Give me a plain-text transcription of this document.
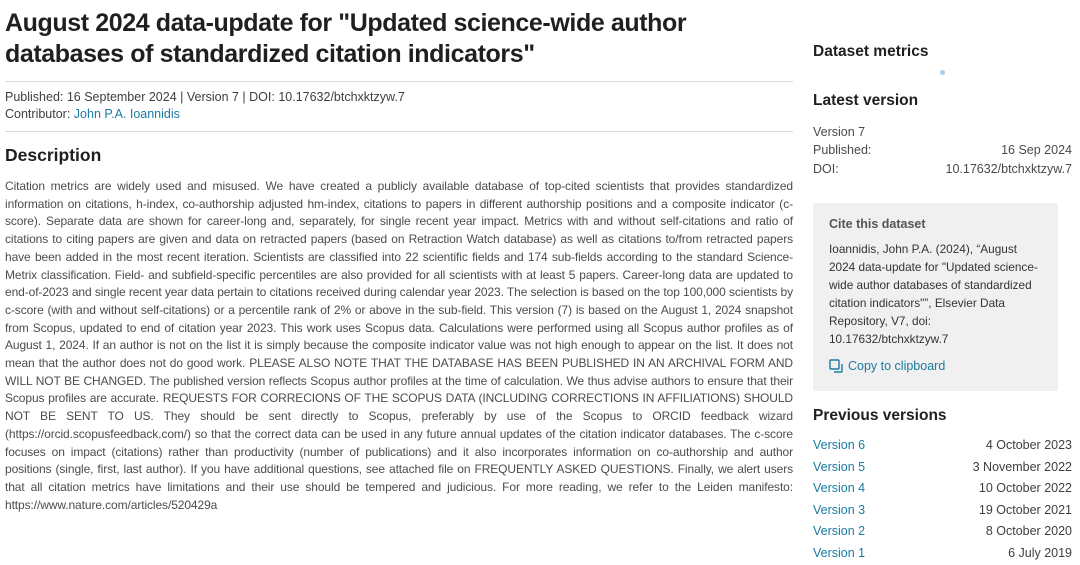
August 2024 data-update for "Updated science-wide author databases of standardized citation indicators"
Published: 16 September 2024 | Version 7 | DOI: 10.17632/btchxktzyw.7
Contributor: John P.A. Ioannidis
Description

Citation metrics are widely used and misused. We have created a publicly available database of top-cited scientists that provides standardized information on citations, h-index, co-authorship adjusted hm-index, citations to papers in different authorship positions and a composite indicator (c-score). Separate data are shown for career-long and, separately, for single recent year impact. Metrics with and without self-citations and ratio of citations to citing papers are given and data on retracted papers (based on Retraction Watch database) as well as citations to/from retracted papers have been added in the most recent iteration. Scientists are classified into 22 scientific fields and 174 sub-fields according to the standard Science-Metrix classification. Field- and subfield-specific percentiles are also provided for all scientists with at least 5 papers. Career-long data are updated to end-of-2023 and single recent year data pertain to citations received during calendar year 2023. The selection is based on the top 100,000 scientists by c-score (with and without self-citations) or a percentile rank of 2% or above in the sub-field. This version (7) is based on the August 1, 2024 snapshot from Scopus, updated to end of citation year 2023. This work uses Scopus data. Calculations were performed using all Scopus author profiles as of August 1, 2024. If an author is not on the list it is simply because the composite indicator value was not high enough to appear on the list. It does not mean that the author does not do good work. PLEASE ALSO NOTE THAT THE DATABASE HAS BEEN PUBLISHED IN AN ARCHIVAL FORM AND WILL NOT BE CHANGED. The published version reflects Scopus author profiles at the time of calculation. We thus advise authors to ensure that their Scopus profiles are accurate. REQUESTS FOR CORRECIONS OF THE SCOPUS DATA (INCLUDING CORRECTIONS IN AFFILIATIONS) SHOULD NOT BE SENT TO US. They should be sent directly to Scopus, preferably by use of the Scopus to ORCID feedback wizard (https://orcid.scopusfeedback.com/) so that the correct data can be used in any future annual updates of the citation indicator databases. The c-score focuses on impact (citations) rather than productivity (number of publications) and it also incorporates information on co-authorship and author positions (single, first, last author). If you have additional questions, see attached file on FREQUENTLY ASKED QUESTIONS. Finally, we alert users that all citation metrics have limitations and their use should be tempered and judicious. For more reading, we refer to the Leiden manifesto: https://www.nature.com/articles/520429a

Dataset metrics
Latest version
Version 7
Published:	16 Sep 2024
DOI:	10.17632/btchxktzyw.7
Cite this dataset

Ioannidis, John P.A. (2024), “August 2024 data-update for "Updated science-wide author databases of standardized citation indicators"”, Elsevier Data Repository, V7, doi: 10.17632/btchxktzyw.7

Copy to clipboard
Previous versions
Version 6	4 October 2023
Version 5	3 November 2022
Version 4	10 October 2022
Version 3	19 October 2021
Version 2	8 October 2020
Version 1	6 July 2019
